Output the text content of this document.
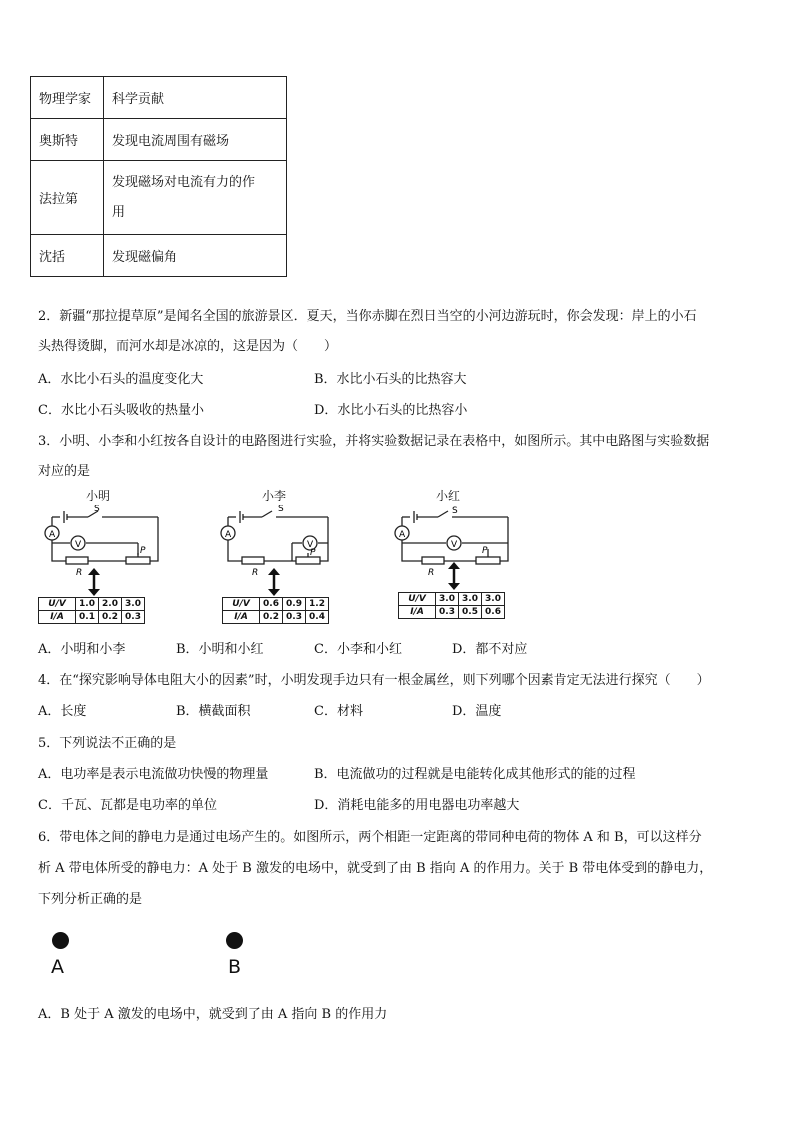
物理学家	科学贡献
奥斯特	发现电流周围有磁场
法拉第	发现磁场对电流有力的作
用

沈括	发现磁偏角
2．新疆“那拉提草原”是闻名全国的旅游景区．夏天，当你赤脚在烈日当空的小河边游玩时，你会发现：岸上的小石
头热得烫脚，而河水却是冰凉的，这是因为（　　）
A．水比小石头的温度变化大	B．水比小石头的比热容大
C．水比小石头吸收的热量小	D．水比小石头的比热容小
3．小明、小李和小红按各自设计的电路图进行实验，并将实验数据记录在表格中，如图所示。其中电路图与实验数据
对应的是
小明
A
V
S
R
P
U/V	1.0	2.0	3.0
I/A	0.1	0.2	0.3
小李
A
V
S
R
P
U/V	0.6	0.9	1.2
I/A	0.2	0.3	0.4
小红
A
V
S
R
P
U/V	3.0	3.0	3.0
I/A	0.3	0.5	0.6
A．小明和小李	B．小明和小红	C．小李和小红	D．都不对应
4．在“探究影响导体电阻大小的因素”时，小明发现手边只有一根金属丝，则下列哪个因素肯定无法进行探究（　　）
A．长度	B．横截面积	C．材料	D．温度
5．下列说法不正确的是
A．电功率是表示电流做功快慢的物理量	B．电流做功的过程就是电能转化成其他形式的能的过程
C．千瓦、瓦都是电功率的单位	D．消耗电能多的用电器电功率越大
6．带电体之间的静电力是通过电场产生的。如图所示，两个相距一定距离的带同种电荷的物体 A 和 B，可以这样分
析 A 带电体所受的静电力：A 处于 B 激发的电场中，就受到了由 B 指向 A 的作用力。关于 B 带电体受到的静电力，
下列分析正确的是
A	B
A．B 处于 A 激发的电场中，就受到了由 A 指向 B 的作用力
